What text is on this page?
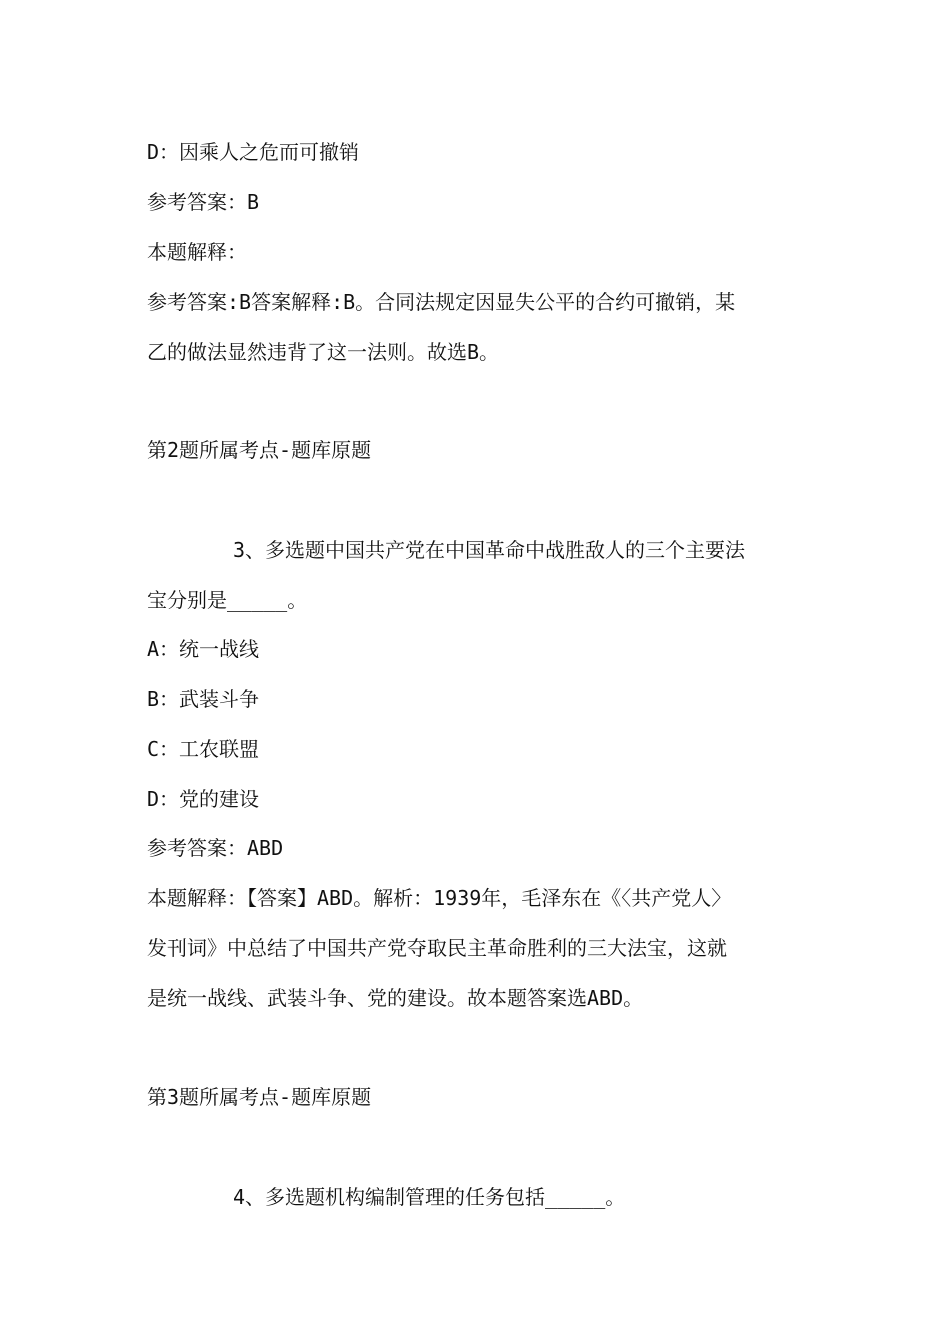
D：因乘人之危而可撤销

参考答案：B

本题解释：

参考答案:B答案解释:B。合同法规定因显失公平的合约可撤销，某

乙的做法显然违背了这一法则。故选B。

第2题所属考点-题库原题

3、多选题中国共产党在中国革命中战胜敌人的三个主要法

宝分别是_____。

A：统一战线

B：武装斗争

C：工农联盟

D：党的建设

参考答案：ABD

本题解释：【答案】ABD。解析：1939年，毛泽东在《〈共产党人〉

发刊词》中总结了中国共产党夺取民主革命胜利的三大法宝，这就

是统一战线、武装斗争、党的建设。故本题答案选ABD。

第3题所属考点-题库原题

4、多选题机构编制管理的任务包括_____。
